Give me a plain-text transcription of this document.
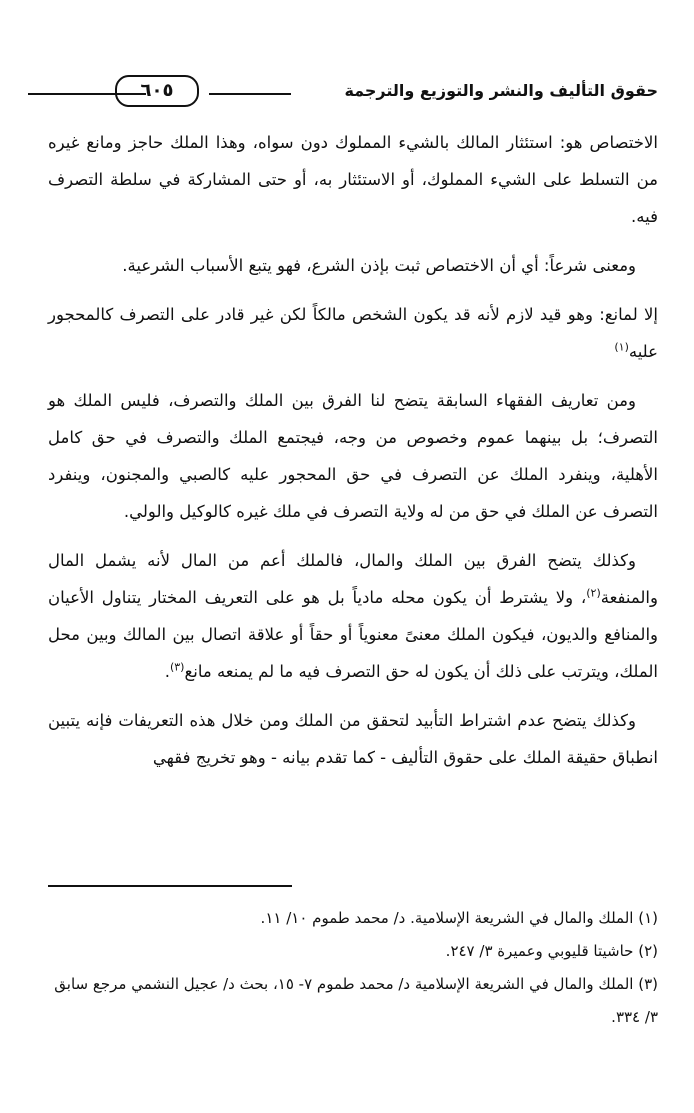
حقوق التأليف والنشر والتوزيع والترجمة
٦٠٥

الاختصاص هو: استئثار المالك بالشيء المملوك دون سواه، وهذا الملك حاجز ومانع غيره من التسلط على الشيء المملوك، أو الاستئثار به، أو حتى المشاركة في سلطة التصرف فيه.

ومعنى شرعاً: أي أن الاختصاص ثبت بإذن الشرع، فهو يتبع الأسباب الشرعية.

إلا لمانع: وهو قيد لازم لأنه قد يكون الشخص مالكاً لكن غير قادر على التصرف كالمحجور عليه$^{(١)}$

ومن تعاريف الفقهاء السابقة يتضح لنا الفرق بين الملك والتصرف، فليس الملك هو التصرف؛ بل بينهما عموم وخصوص من وجه، فيجتمع الملك والتصرف في حق كامل الأهلية، وينفرد الملك عن التصرف في حق المحجور عليه كالصبي والمجنون، وينفرد التصرف عن الملك في حق من له ولاية التصرف في ملك غيره كالوكيل والولي.

وكذلك يتضح الفرق بين الملك والمال، فالملك أعم من المال لأنه يشمل المال والمنفعة$^{(٢)}$، ولا يشترط أن يكون محله مادياً بل هو على التعريف المختار يتناول الأعيان والمنافع والديون، فيكون الملك معنىً معنوياً أو حقاً أو علاقة اتصال بين المالك وبين محل الملك، ويترتب على ذلك أن يكون له حق التصرف فيه ما لم يمنعه مانع$^{(٣)}$.

وكذلك يتضح عدم اشتراط التأبيد لتحقق من الملك ومن خلال هذه التعريفات فإنه يتبين انطباق حقيقة الملك على حقوق التأليف - كما تقدم بيانه - وهو تخريج فقهي

(١) الملك والمال في الشريعة الإسلامية. د/ محمد طموم ١٠/ ١١.
(٢) حاشيتا قليوبي وعميرة ٣/ ٢٤٧.
(٣) الملك والمال في الشريعة الإسلامية د/ محمد طموم ٧- ١٥، بحث د/ عجيل النشمي مرجع سابق ٣/ ٣٣٤.
